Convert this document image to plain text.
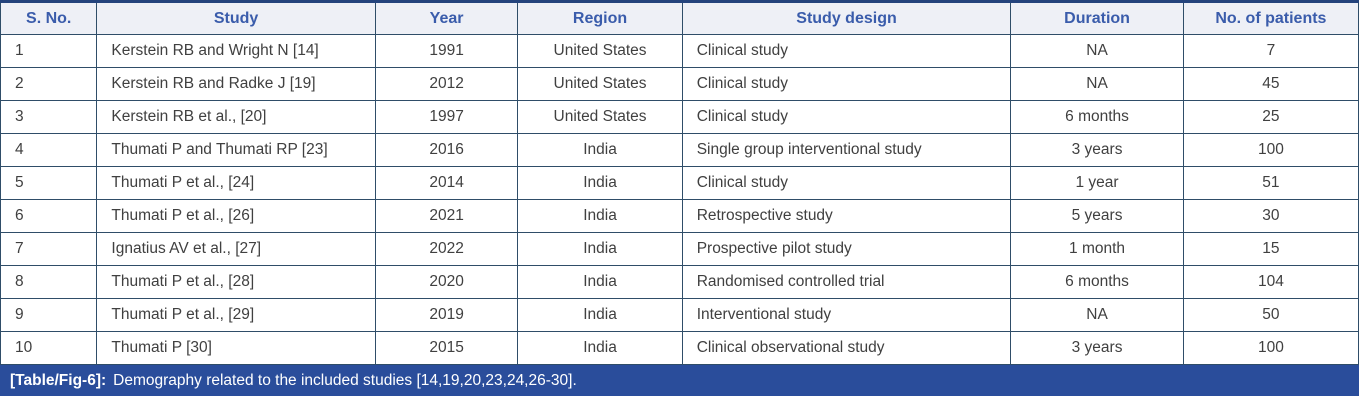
S. No.	Study	Year	Region	Study design	Duration	No. of patients
1	Kerstein RB and Wright N [14]	1991	United States	Clinical study	NA	7
2	Kerstein RB and Radke J [19]	2012	United States	Clinical study	NA	45
3	Kerstein RB et al., [20]	1997	United States	Clinical study	6 months	25
4	Thumati P and Thumati RP [23]	2016	India	Single group interventional study	3 years	100
5	Thumati P et al., [24]	2014	India	Clinical study	1 year	51
6	Thumati P et al., [26]	2021	India	Retrospective study	5 years	30
7	Ignatius AV et al., [27]	2022	India	Prospective pilot study	1 month	15
8	Thumati P et al., [28]	2020	India	Randomised controlled trial	6 months	104
9	Thumati P et al., [29]	2019	India	Interventional study	NA	50
10	Thumati P [30]	2015	India	Clinical observational study	3 years	100
[Table/Fig-6]: Demography related to the included studies [14,19,20,23,24,26-30].
